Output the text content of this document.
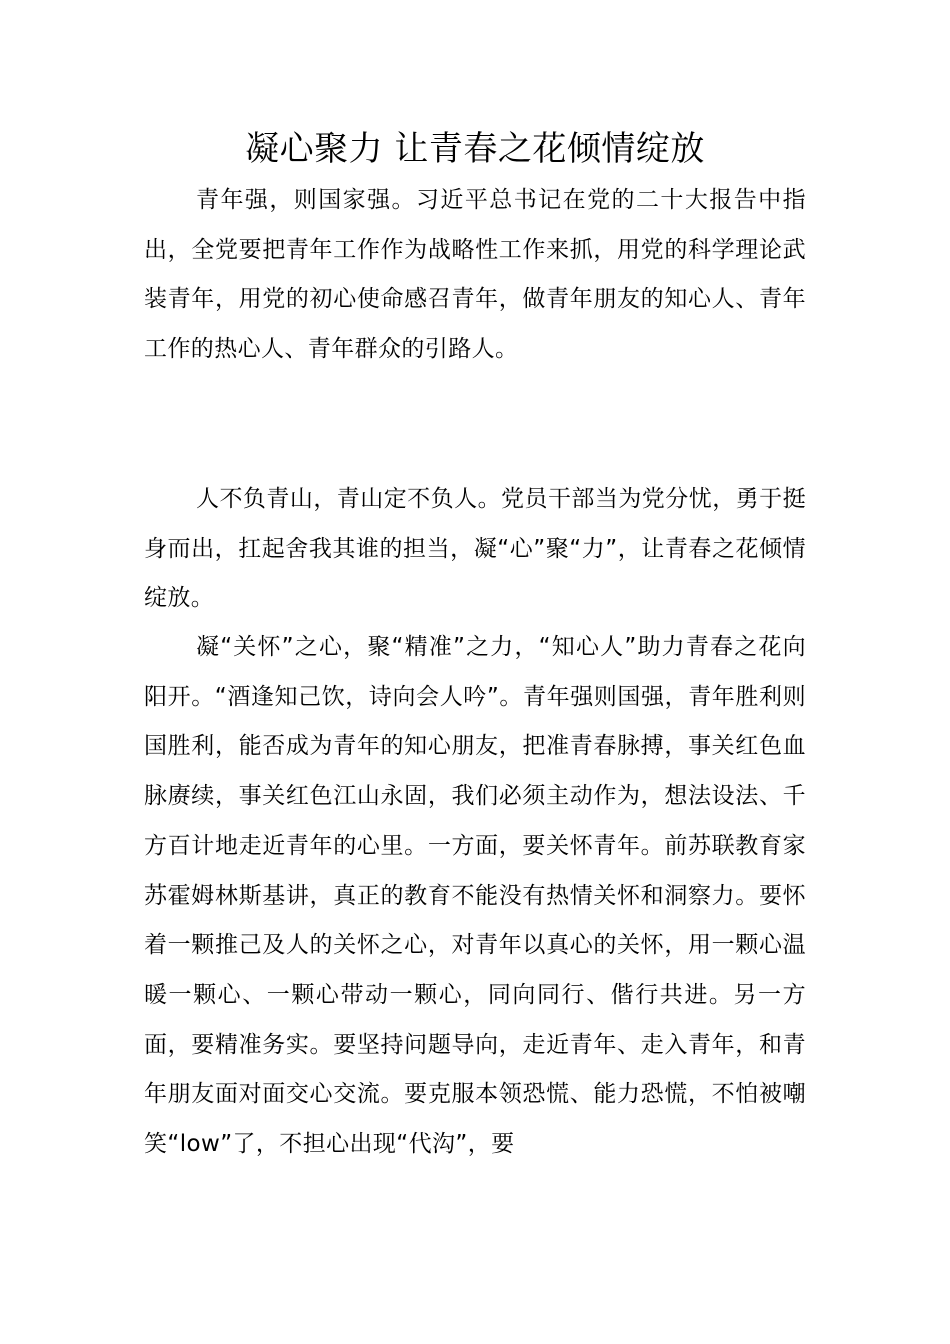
凝心聚力 让青春之花倾情绽放

青年强，则国家强。习近平总书记在党的二十大报告中指出，全党要把青年工作作为战略性工作来抓，用党的科学理论武装青年，用党的初心使命感召青年，做青年朋友的知心人、青年工作的热心人、青年群众的引路人。

人不负青山，青山定不负人。党员干部当为党分忧，勇于挺身而出，扛起舍我其谁的担当，凝“心”聚“力”，让青春之花倾情绽放。

凝“关怀”之心，聚“精准”之力，“知心人”助力青春之花向阳开。“酒逢知己饮，诗向会人吟”。青年强则国强，青年胜利则国胜利，能否成为青年的知心朋友，把准青春脉搏，事关红色血脉赓续，事关红色江山永固，我们必须主动作为，想法设法、千方百计地走近青年的心里。一方面，要关怀青年。前苏联教育家苏霍姆林斯基讲，真正的教育不能没有热情关怀和洞察力。要怀着一颗推己及人的关怀之心，对青年以真心的关怀，用一颗心温暖一颗心、一颗心带动一颗心，同向同行、偕行共进。另一方面，要精准务实。要坚持问题导向，走近青年、走入青年，和青年朋友面对面交心交流。要克服本领恐慌、能力恐慌，不怕被嘲笑“low”了，不担心出现“代沟”，要
